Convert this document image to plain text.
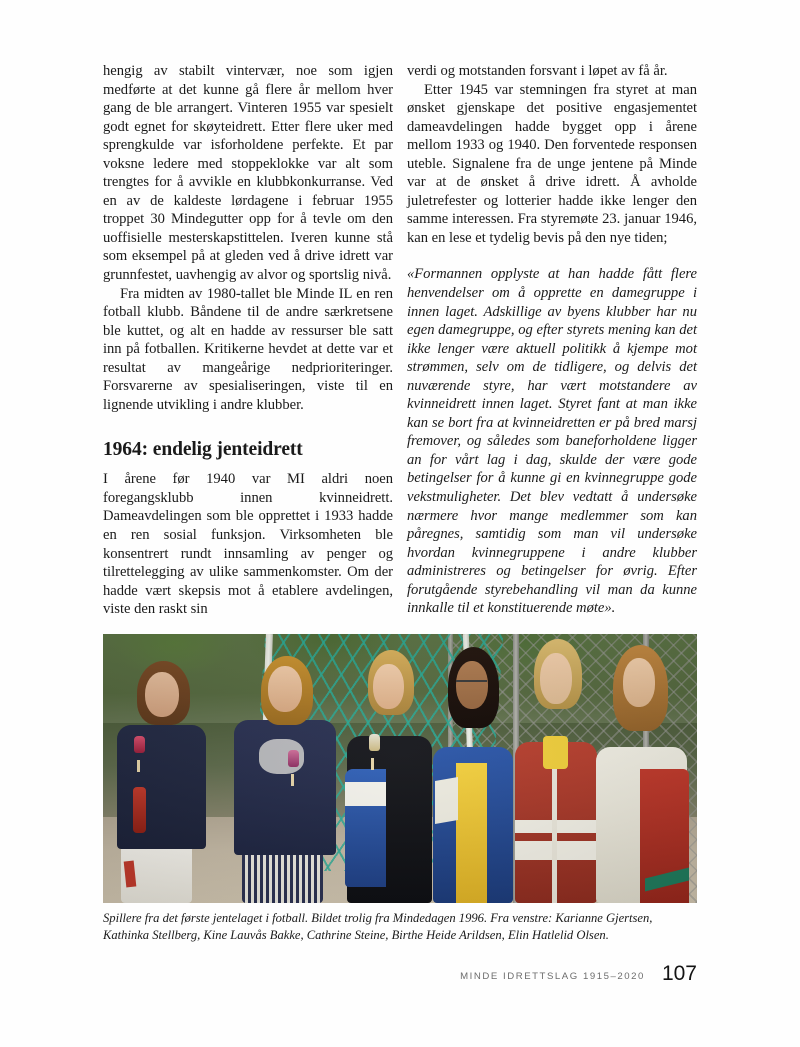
hengig av stabilt vintervær, noe som igjen medførte at det kunne gå flere år mellom hver gang de ble arrangert. Vinteren 1955 var spesielt godt egnet for skøyteidrett. Etter flere uker med sprengkulde var isforholdene perfekte. Et par voksne ledere med stoppeklokke var alt som trengtes for å avvikle en klubbkonkurranse. Ved en av de kaldeste lørdagene i februar 1955 troppet 30 Mindegutter opp for å tevle om den uoffisielle mesterskapstittelen. Iveren kunne stå som eksempel på at gleden ved å drive idrett var grunnfestet, uavhengig av alvor og sportslig nivå.

Fra midten av 1980-tallet ble Minde IL en ren fotball klubb. Båndene til de andre særkretsene ble kuttet, og alt en hadde av ressurser ble satt inn på fotballen. Kritikerne hevdet at dette var et resultat av mangeårige nedprioriteringer. Forsvarerne av spesialiseringen, viste til en lignende utvikling i andre klubber.

1964: endelig jenteidrett

I årene før 1940 var MI aldri noen foregangsklubb innen kvinneidrett. Dameavdelingen som ble opprettet i 1933 hadde en ren sosial funksjon. Virksomheten ble konsentrert rundt innsamling av penger og tilrettelegging av ulike sammenkomster. Om der hadde vært skepsis mot å etablere avdelingen, viste den raskt sin

verdi og motstanden forsvant i løpet av få år.

Etter 1945 var stemningen fra styret at man ønsket gjenskape det positive engasjementet dameavdelingen hadde bygget opp i årene mellom 1933 og 1940. Den forventede responsen uteble. Signalene fra de unge jentene på Minde var at de ønsket å drive idrett. Å avholde juletrefester og lotterier hadde ikke lenger den samme interessen. Fra styremøte 23. januar 1946, kan en lese et tydelig bevis på den nye tiden;

«Formannen opplyste at han hadde fått flere henvendelser om å opprette en damegruppe i innen laget. Adskillige av byens klubber har nu egen damegruppe, og efter styrets mening kan det ikke lenger være aktuell politikk å kjempe mot strømmen, selv om de tidligere, og delvis det nuværende styre, har vært motstandere av kvinneidrett innen laget. Styret fant at man ikke kan se bort fra at kvinneidretten er på bred marsj fremover, og således som baneforholdene ligger an for vårt lag i dag, skulde der være gode betingelser for å kunne gi en kvinnegruppe gode vekstmuligheter. Det blev vedtatt å undersøke nærmere hvor mange medlemmer som kan påregnes, samtidig som man vil undersøke hvordan kvinnegruppene i andre klubber administreres og betingelser for øvrig. Efter forutgående styrebehandling vil man da kunne innkalle til et konstituerende møte».

Spillere fra det første jentelaget i fotball. Bildet trolig fra Mindedagen 1996. Fra venstre: Karianne Gjertsen, Kathinka Stellberg, Kine Lauvås Bakke, Cathrine Steine, Birthe Heide Arildsen, Elin Hatlelid Olsen.
MINDE IDRETTSLAG 1915–2020 107
